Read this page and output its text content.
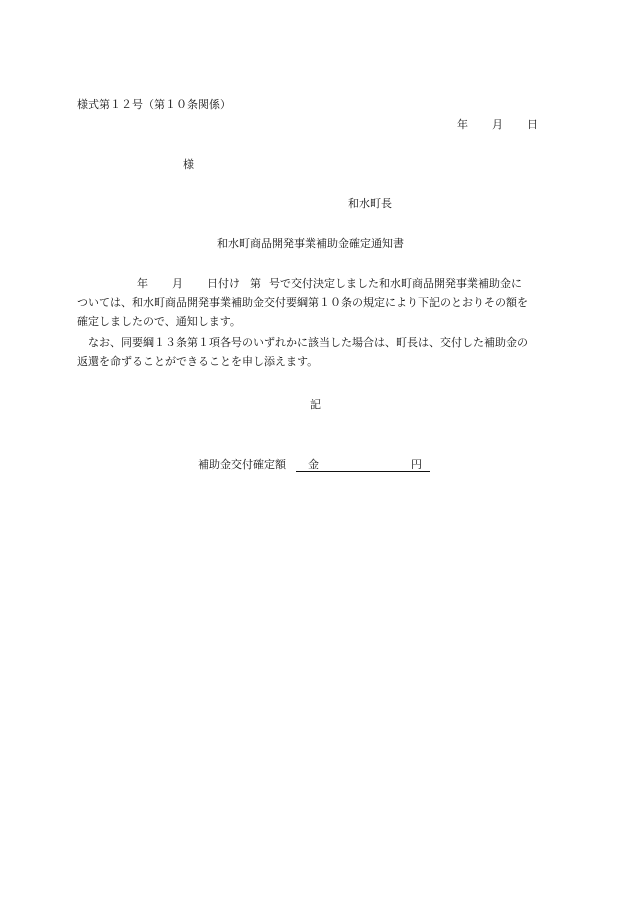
様式第１２号（第１０条関係）
年 月 日
様
和水町長
和水町商品開発事業補助金確定通知書
年 月 日付け 第 号で交付決定しました和水町商品開発事業補助金に
ついては、和水町商品開発事業補助金交付要綱第１０条の規定により下記のとおりその額を
確定しましたので、通知します。
なお、同要綱１３条第１項各号のいずれかに該当した場合は、町長は、交付した補助金の
返還を命ずることができることを申し添えます。
記
補助金交付確定額 金	円
